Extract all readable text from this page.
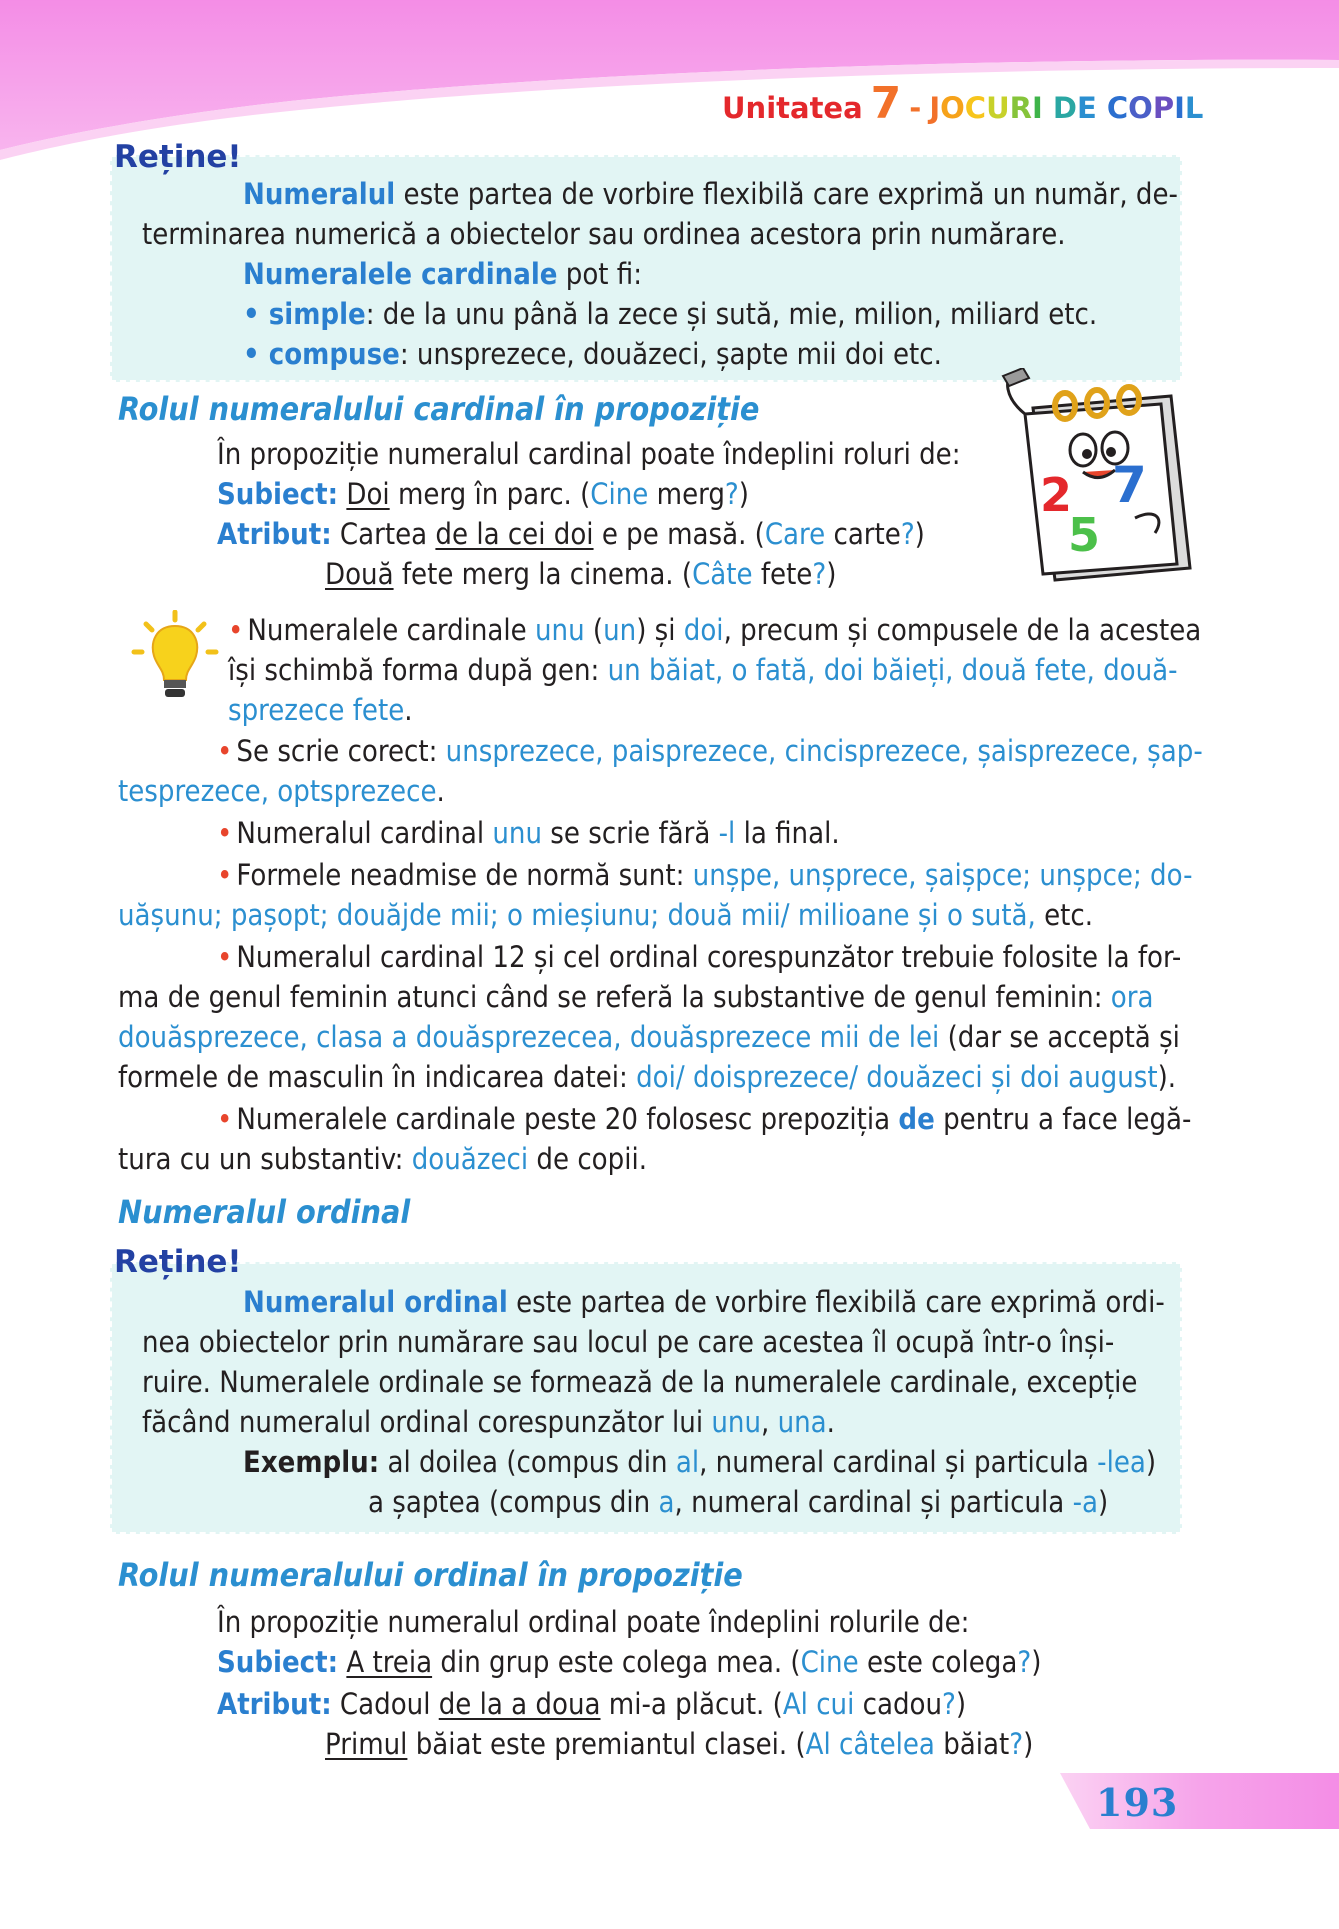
Unitatea 7 - JOCURI DE COPIL
Reține!
Numeralul este partea de vorbire flexibilă care exprimă un număr, de-
terminarea numerică a obiectelor sau ordinea acestora prin numărare.
Numeralele cardinale pot fi:
• simple: de la unu până la zece și sută, mie, milion, miliard etc.
• compuse: unsprezece, douăzeci, șapte mii doi etc.
Rolul numeralului cardinal în propoziție
În propoziție numeralul cardinal poate îndeplini roluri de:
Subiect: Doi merg în parc. (Cine merg?)
Atribut: Cartea de la cei doi e pe masă. (Care carte?)
Două fete merg la cinema. (Câte fete?)
2
5
7
• Numeralele cardinale unu (un) și doi, precum și compusele de la acestea
își schimbă forma după gen: un băiat, o fată, doi băieți, două fete, două-
sprezece fete.
• Se scrie corect: unsprezece, paisprezece, cincisprezece, șaisprezece, șap-
tesprezece, optsprezece.
• Numeralul cardinal unu se scrie fără -l la final.
• Formele neadmise de normă sunt: unșpe, unșprece, șaișpce; unșpce; do-
uășunu; pașopt; douăjde mii; o mieșiunu; două mii/ milioane și o sută, etc.
• Numeralul cardinal 12 și cel ordinal corespunzător trebuie folosite la for-
ma de genul feminin atunci când se referă la substantive de genul feminin: ora
douăsprezece, clasa a douăsprezecea, douăsprezece mii de lei (dar se acceptă și
formele de masculin în indicarea datei: doi/ doisprezece/ douăzeci și doi august).
• Numeralele cardinale peste 20 folosesc prepoziția de pentru a face legă-
tura cu un substantiv: douăzeci de copii.
Numeralul ordinal
Reține!
Numeralul ordinal este partea de vorbire flexibilă care exprimă ordi-
nea obiectelor prin numărare sau locul pe care acestea îl ocupă într-o înși-
ruire. Numeralele ordinale se formează de la numeralele cardinale, excepție
făcând numeralul ordinal corespunzător lui unu, una.
Exemplu: al doilea (compus din al, numeral cardinal și particula -lea)
a șaptea (compus din a, numeral cardinal și particula -a)
Rolul numeralului ordinal în propoziție
În propoziție numeralul ordinal poate îndeplini rolurile de:
Subiect: A treia din grup este colega mea. (Cine este colega?)
Atribut: Cadoul de la a doua mi-a plăcut. (Al cui cadou?)
Primul băiat este premiantul clasei. (Al câtelea băiat?)
193
